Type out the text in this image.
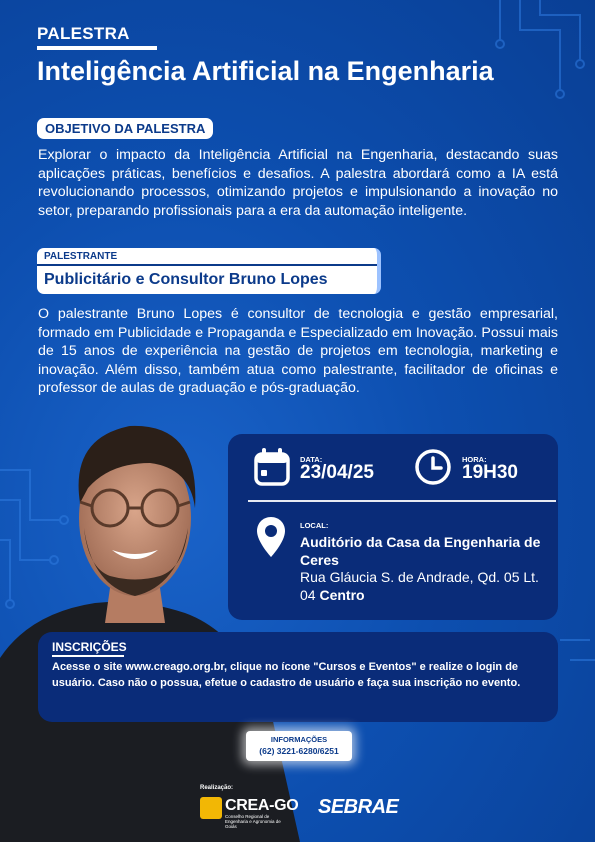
PALESTRA
Inteligência Artificial na Engenharia
OBJETIVO DA PALESTRA
Explorar o impacto da Inteligência Artificial na Engenharia, destacando suas aplicações práticas, benefícios e desafios. A palestra abordará como a IA está revolucionando processos, otimizando projetos e impulsionando a inovação no setor, preparando profissionais para a era da automação inteligente.
PALESTRANTE
Publicitário e Consultor Bruno Lopes
O palestrante Bruno Lopes é consultor de tecnologia e gestão empresarial, formado em Publicidade e Propaganda e Especializado em Inovação. Possui mais de 15 anos de experiência na gestão de projetos em tecnologia, marketing e inovação. Além disso, também atua como palestrante, facilitador de oficinas e professor de aulas de graduação e pós-graduação.
DATA:
23/04/25
HORA:
19H30
LOCAL:
Auditório da Casa da Engenharia de Ceres
Rua Gláucia S. de Andrade, Qd. 05 Lt. 04 Centro
INSCRIÇÕES
Acesse o site www.creago.org.br, clique no ícone "Cursos e Eventos" e realize o login de usuário. Caso não o possua, efetue o cadastro de usuário e faça sua inscrição no evento.
INFORMAÇÕES
(62) 3221-6280/6251
Realização:
CREA-GO
Conselho Regional de Engenharia e Agronomia de Goiás
SEBRAE
